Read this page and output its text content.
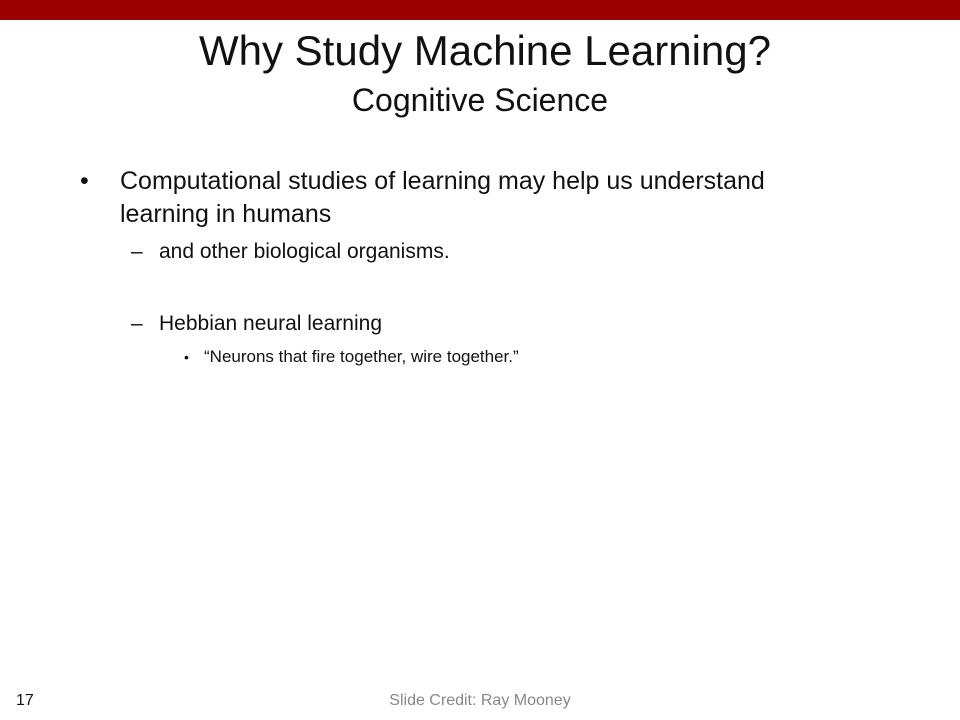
Why Study Machine Learning?
Cognitive Science
•	Computational studies of learning may help us understand learning in humans
– and other biological organisms.
– Hebbian neural learning
• “Neurons that fire together, wire together.”
17	Slide Credit: Ray Mooney
